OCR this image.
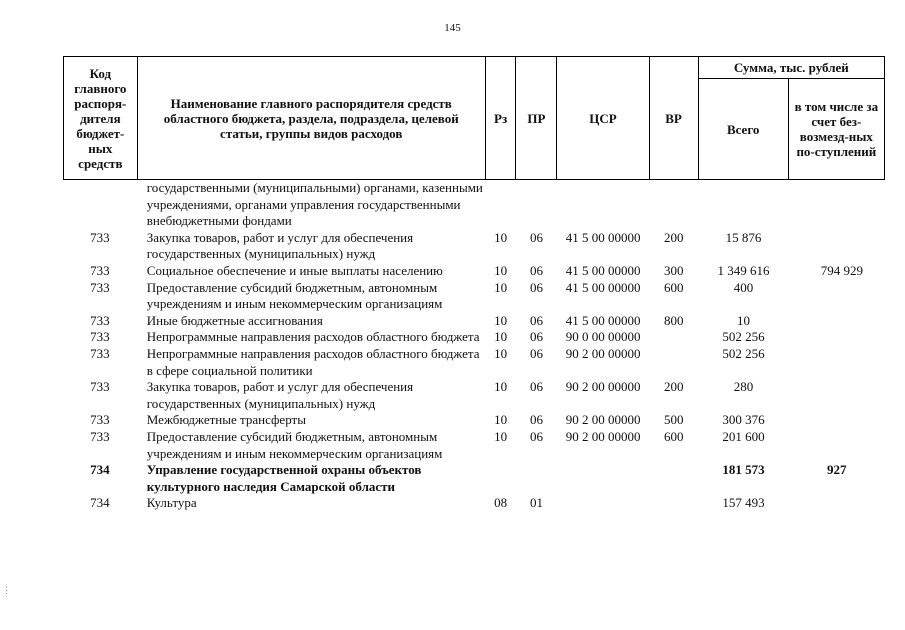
145
Код главного распоря-дителя бюджет-ных средств	Наименование главного распорядителя средств областного бюджета, раздела, подраздела, целевой статьи, группы видов расходов	Рз	ПР	ЦСР	ВР	Сумма, тыс. рублей	
						Всего	в том числе за счет без-возмезд-ных по-ступлений
	государственными (муниципальными) органами, казенными учреждениями, органами управления государственными внебюджетными фондами						
733	Закупка товаров, работ и услуг для обеспечения государственных (муниципальных) нужд	10	06	41 5 00 00000	200	15 876	
733	Социальное обеспечение и иные выплаты населению	10	06	41 5 00 00000	300	1 349 616	794 929
733	Предоставление субсидий бюджетным, автономным учреждениям и иным некоммерческим организациям	10	06	41 5 00 00000	600	400	
733	Иные бюджетные ассигнования	10	06	41 5 00 00000	800	10	
733	Непрограммные направления расходов областного бюджета	10	06	90 0 00 00000		502 256	
733	Непрограммные направления расходов областного бюджета в сфере социальной политики	10	06	90 2 00 00000		502 256	
733	Закупка товаров, работ и услуг для обеспечения государственных (муниципальных) нужд	10	06	90 2 00 00000	200	280	
733	Межбюджетные трансферты	10	06	90 2 00 00000	500	300 376	
733	Предоставление субсидий бюджетным, автономным учреждениям и иным некоммерческим организациям	10	06	90 2 00 00000	600	201 600	
734	Управление государственной охраны объектов культурного наследия Самарской области					181 573	927
734	Культура	08	01			157 493	
⋮
